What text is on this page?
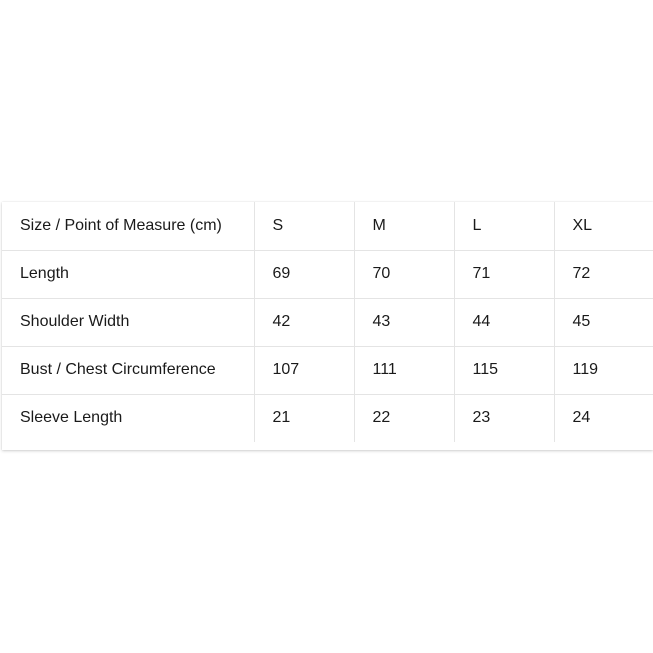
Size / Point of Measure (cm)	S	M	L	XL
Length	69	70	71	72
Shoulder Width	42	43	44	45
Bust / Chest Circumference	107	111	115	119
Sleeve Length	21	22	23	24
